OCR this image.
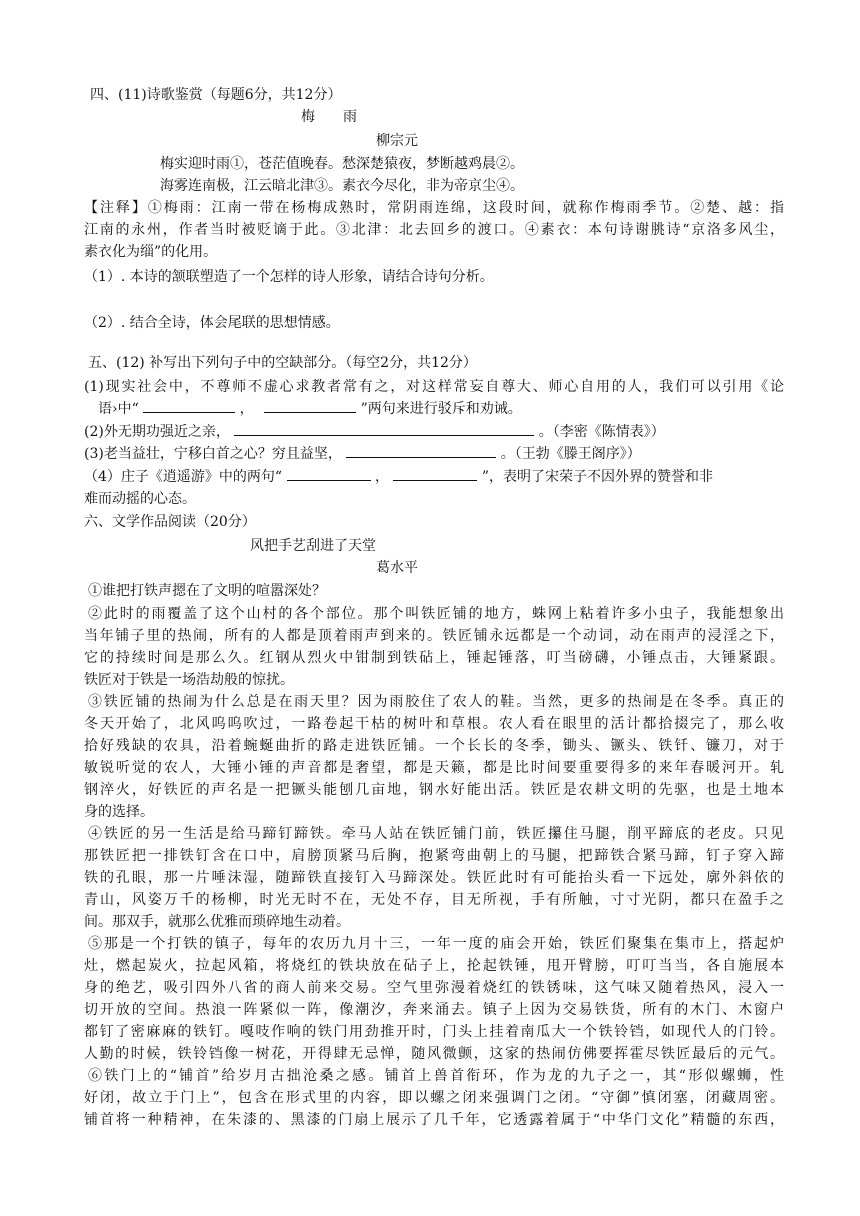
四、(11)诗歌鉴赏（每题6分，共12分）
梅　　雨
柳宗元
梅实迎时雨①，苍茫值晚春。愁深楚猿夜，梦断越鸡晨②。
海雾连南极，江云暗北津③。素衣今尽化，非为帝京尘④。
【注释】①梅雨：江南一带在杨梅成熟时，常阴雨连绵，这段时间，就称作梅雨季节。②楚、越：指
江南的永州，作者当时被贬谪于此。③北津：北去回乡的渡口。④素衣：本句诗谢朓诗“京洛多风尘，
素衣化为缁”的化用。
（1）. 本诗的颔联塑造了一个怎样的诗人形象，请结合诗句分析。
（2）. 结合全诗，体会尾联的思想情感。
五、(12) 补写出下列句子中的空缺部分。（每空2分，共12分）
(1)现实社会中，不尊师不虚心求教者常有之，对这样常妄自尊大、师心自用的人，我们可以引用《论
语›中“	，	”两句来进行驳斥和劝诫。
(2)外无期功强近之亲，	。（李密《陈情表》）
(3)老当益壮，宁移白首之心？穷且益坚，	。（王勃《滕王阁序》）
（4）庄子《逍遥游》中的两句“	，	”，表明了宋荣子不因外界的赞誉和非
难而动摇的心态。
六、文学作品阅读（20分）
风把手艺刮进了天堂
葛水平
①谁把打铁声摁在了文明的喧嚣深处？
②此时的雨覆盖了这个山村的各个部位。那个叫铁匠铺的地方，蛛网上粘着许多小虫子，我能想象出
当年铺子里的热闹，所有的人都是顶着雨声到来的。铁匠铺永远都是一个动词，动在雨声的浸淫之下，
它的持续时间是那么久。红钢从烈火中钳制到铁砧上，锤起锤落，叮当磅礴，小锤点击，大锤紧跟。
铁匠对于铁是一场浩劫般的惊扰。
③铁匠铺的热闹为什么总是在雨天里？因为雨胶住了农人的鞋。当然，更多的热闹是在冬季。真正的
冬天开始了，北风呜呜吹过，一路卷起干枯的树叶和草根。农人看在眼里的活计都拾掇完了，那么收
拾好残缺的农具，沿着蜿蜒曲折的路走进铁匠铺。一个长长的冬季，锄头、镢头、铁钎、镰刀，对于
敏锐听觉的农人，大锤小锤的声音都是奢望，都是天籁，都是比时间要重要得多的来年春暖河开。轧
钢淬火，好铁匠的声名是一把镢头能刨几亩地，钢水好能出活。铁匠是农耕文明的先驱，也是土地本
身的选择。
④铁匠的另一生活是给马蹄钉蹄铁。牵马人站在铁匠铺门前，铁匠攥住马腿，削平蹄底的老皮。只见
那铁匠把一排铁钉含在口中，肩膀顶紧马后胸，抱紧弯曲朝上的马腿，把蹄铁合紧马蹄，钉子穿入蹄
铁的孔眼，那一片唾沫湿，随蹄铁直接钉入马蹄深处。铁匠此时有可能抬头看一下远处，廓外斜依的
青山，风姿万千的杨柳，时光无时不在，无处不存，目无所视，手有所触，寸寸光阴，都只在盈手之
间。那双手，就那么优雅而琐碎地生动着。
⑤那是一个打铁的镇子，每年的农历九月十三，一年一度的庙会开始，铁匠们聚集在集市上，搭起炉
灶，燃起炭火，拉起风箱，将烧红的铁块放在砧子上，抡起铁锤，甩开臂膀，叮叮当当，各自施展本
身的绝艺，吸引四外八省的商人前来交易。空气里弥漫着烧红的铁锈味，这气味又随着热风，浸入一
切开放的空间。热浪一阵紧似一阵，像潮汐，奔来涌去。镇子上因为交易铁货，所有的木门、木窗户
都钉了密麻麻的铁钉。嘎吱作响的铁门用劲推开时，门头上挂着南瓜大一个铁铃铛，如现代人的门铃。
人勤的时候，铁铃铛像一树花，开得肆无忌惮，随风微颤，这家的热闹仿佛要挥霍尽铁匠最后的元气。
⑥铁门上的“铺首”给岁月古拙沧桑之感。铺首上兽首衔环，作为龙的九子之一，其“形似螺蛳，性
好闭，故立于门上”，包含在形式里的内容，即以螺之闭来强调门之闭。“守御”慎闭塞，闭藏周密。
铺首将一种精神，在朱漆的、黑漆的门扇上展示了几千年，它透露着属于“中华门文化”精髓的东西，
